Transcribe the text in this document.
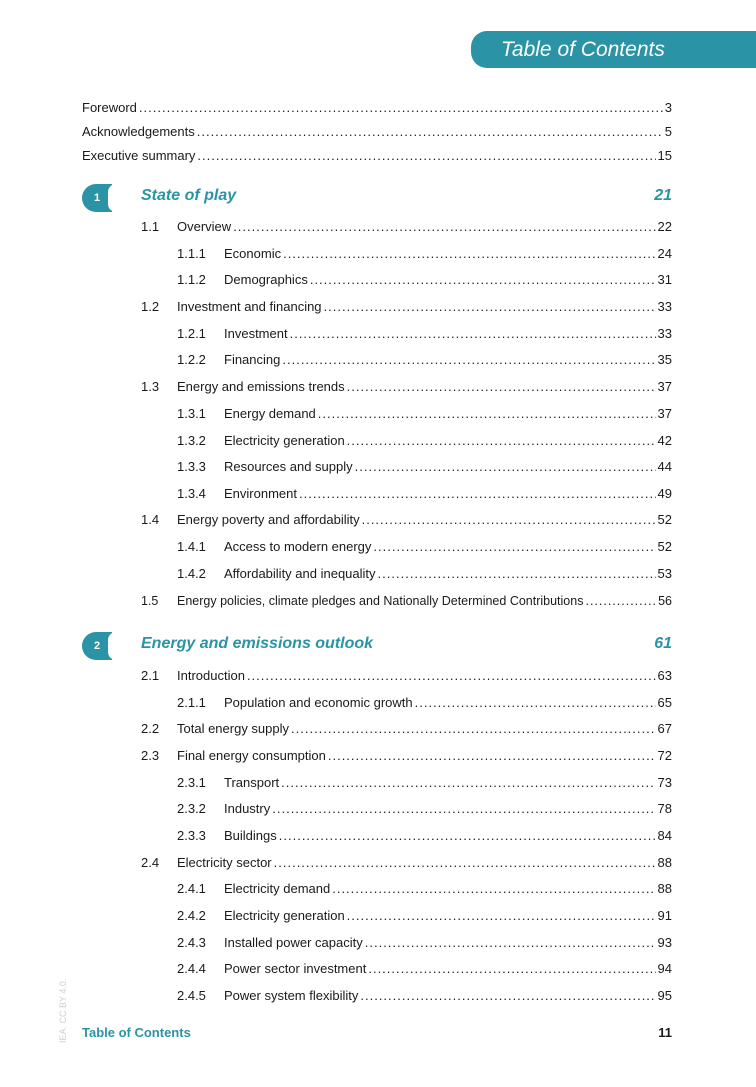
Table of Contents
Foreword .....	3
Acknowledgements .....	5
Executive summary .....	15
1	State of play	21
1.1	Overview .....	22
1.1.1	Economic .....	24
1.1.2	Demographics .....	31
1.2	Investment and financing .....	33
1.2.1	Investment .....	33
1.2.2	Financing .....	35
1.3	Energy and emissions trends .....	37
1.3.1	Energy demand .....	37
1.3.2	Electricity generation .....	42
1.3.3	Resources and supply .....	44
1.3.4	Environment .....	49
1.4	Energy poverty and affordability .....	52
1.4.1	Access to modern energy .....	52
1.4.2	Affordability and inequality .....	53
1.5	Energy policies, climate pledges and Nationally Determined Contributions .....	56
2	Energy and emissions outlook	61
2.1	Introduction .....	63
2.1.1	Population and economic growth .....	65
2.2	Total energy supply .....	67
2.3	Final energy consumption .....	72
2.3.1	Transport .....	73
2.3.2	Industry .....	78
2.3.3	Buildings .....	84
2.4	Electricity sector .....	88
2.4.1	Electricity demand .....	88
2.4.2	Electricity generation .....	91
2.4.3	Installed power capacity .....	93
2.4.4	Power sector investment .....	94
2.4.5	Power system flexibility .....	95
IEA. CC BY 4.0. Table of Contents	11
